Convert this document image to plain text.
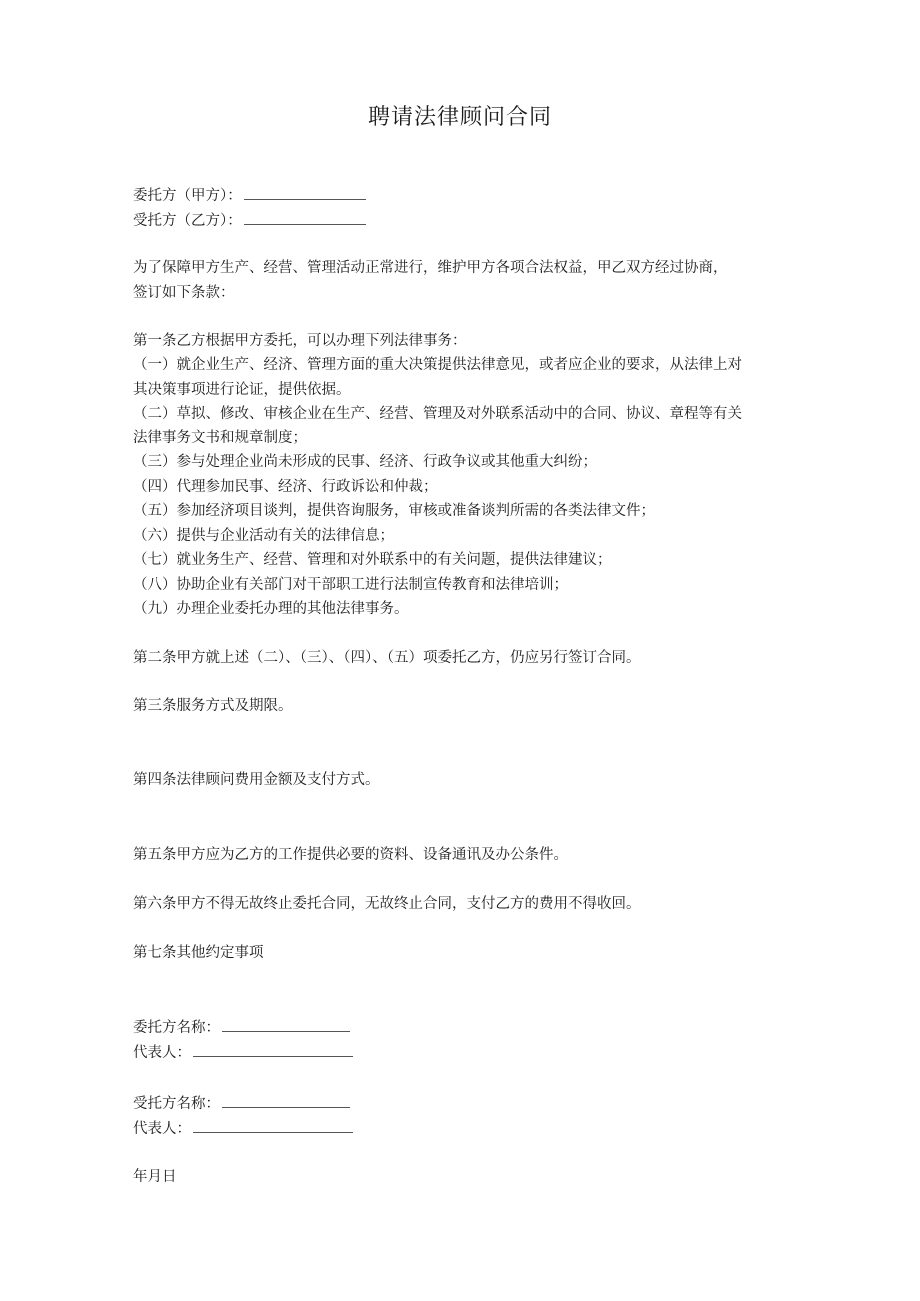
聘请法律顾问合同
委托方（甲方）：
受托方（乙方）：
为了保障甲方生产、经营、管理活动正常进行，维护甲方各项合法权益，甲乙双方经过协商，
签订如下条款：
第一条乙方根据甲方委托，可以办理下列法律事务：
（一）就企业生产、经济、管理方面的重大决策提供法律意见，或者应企业的要求，从法律上对
其决策事项进行论证，提供依据。
（二）草拟、修改、审核企业在生产、经营、管理及对外联系活动中的合同、协议、章程等有关
法律事务文书和规章制度；
（三）参与处理企业尚未形成的民事、经济、行政争议或其他重大纠纷；
（四）代理参加民事、经济、行政诉讼和仲裁；
（五）参加经济项目谈判，提供咨询服务，审核或准备谈判所需的各类法律文件；
（六）提供与企业活动有关的法律信息；
（七）就业务生产、经营、管理和对外联系中的有关问题，提供法律建议；
（八）协助企业有关部门对干部职工进行法制宣传教育和法律培训；
（九）办理企业委托办理的其他法律事务。
第二条甲方就上述（二）、（三）、（四）、（五）项委托乙方，仍应另行签订合同。
第三条服务方式及期限。
第四条法律顾问费用金额及支付方式。
第五条甲方应为乙方的工作提供必要的资料、设备通讯及办公条件。
第六条甲方不得无故终止委托合同，无故终止合同，支付乙方的费用不得收回。
第七条其他约定事项
委托方名称：
代表人：
受托方名称：
代表人：
年月日
